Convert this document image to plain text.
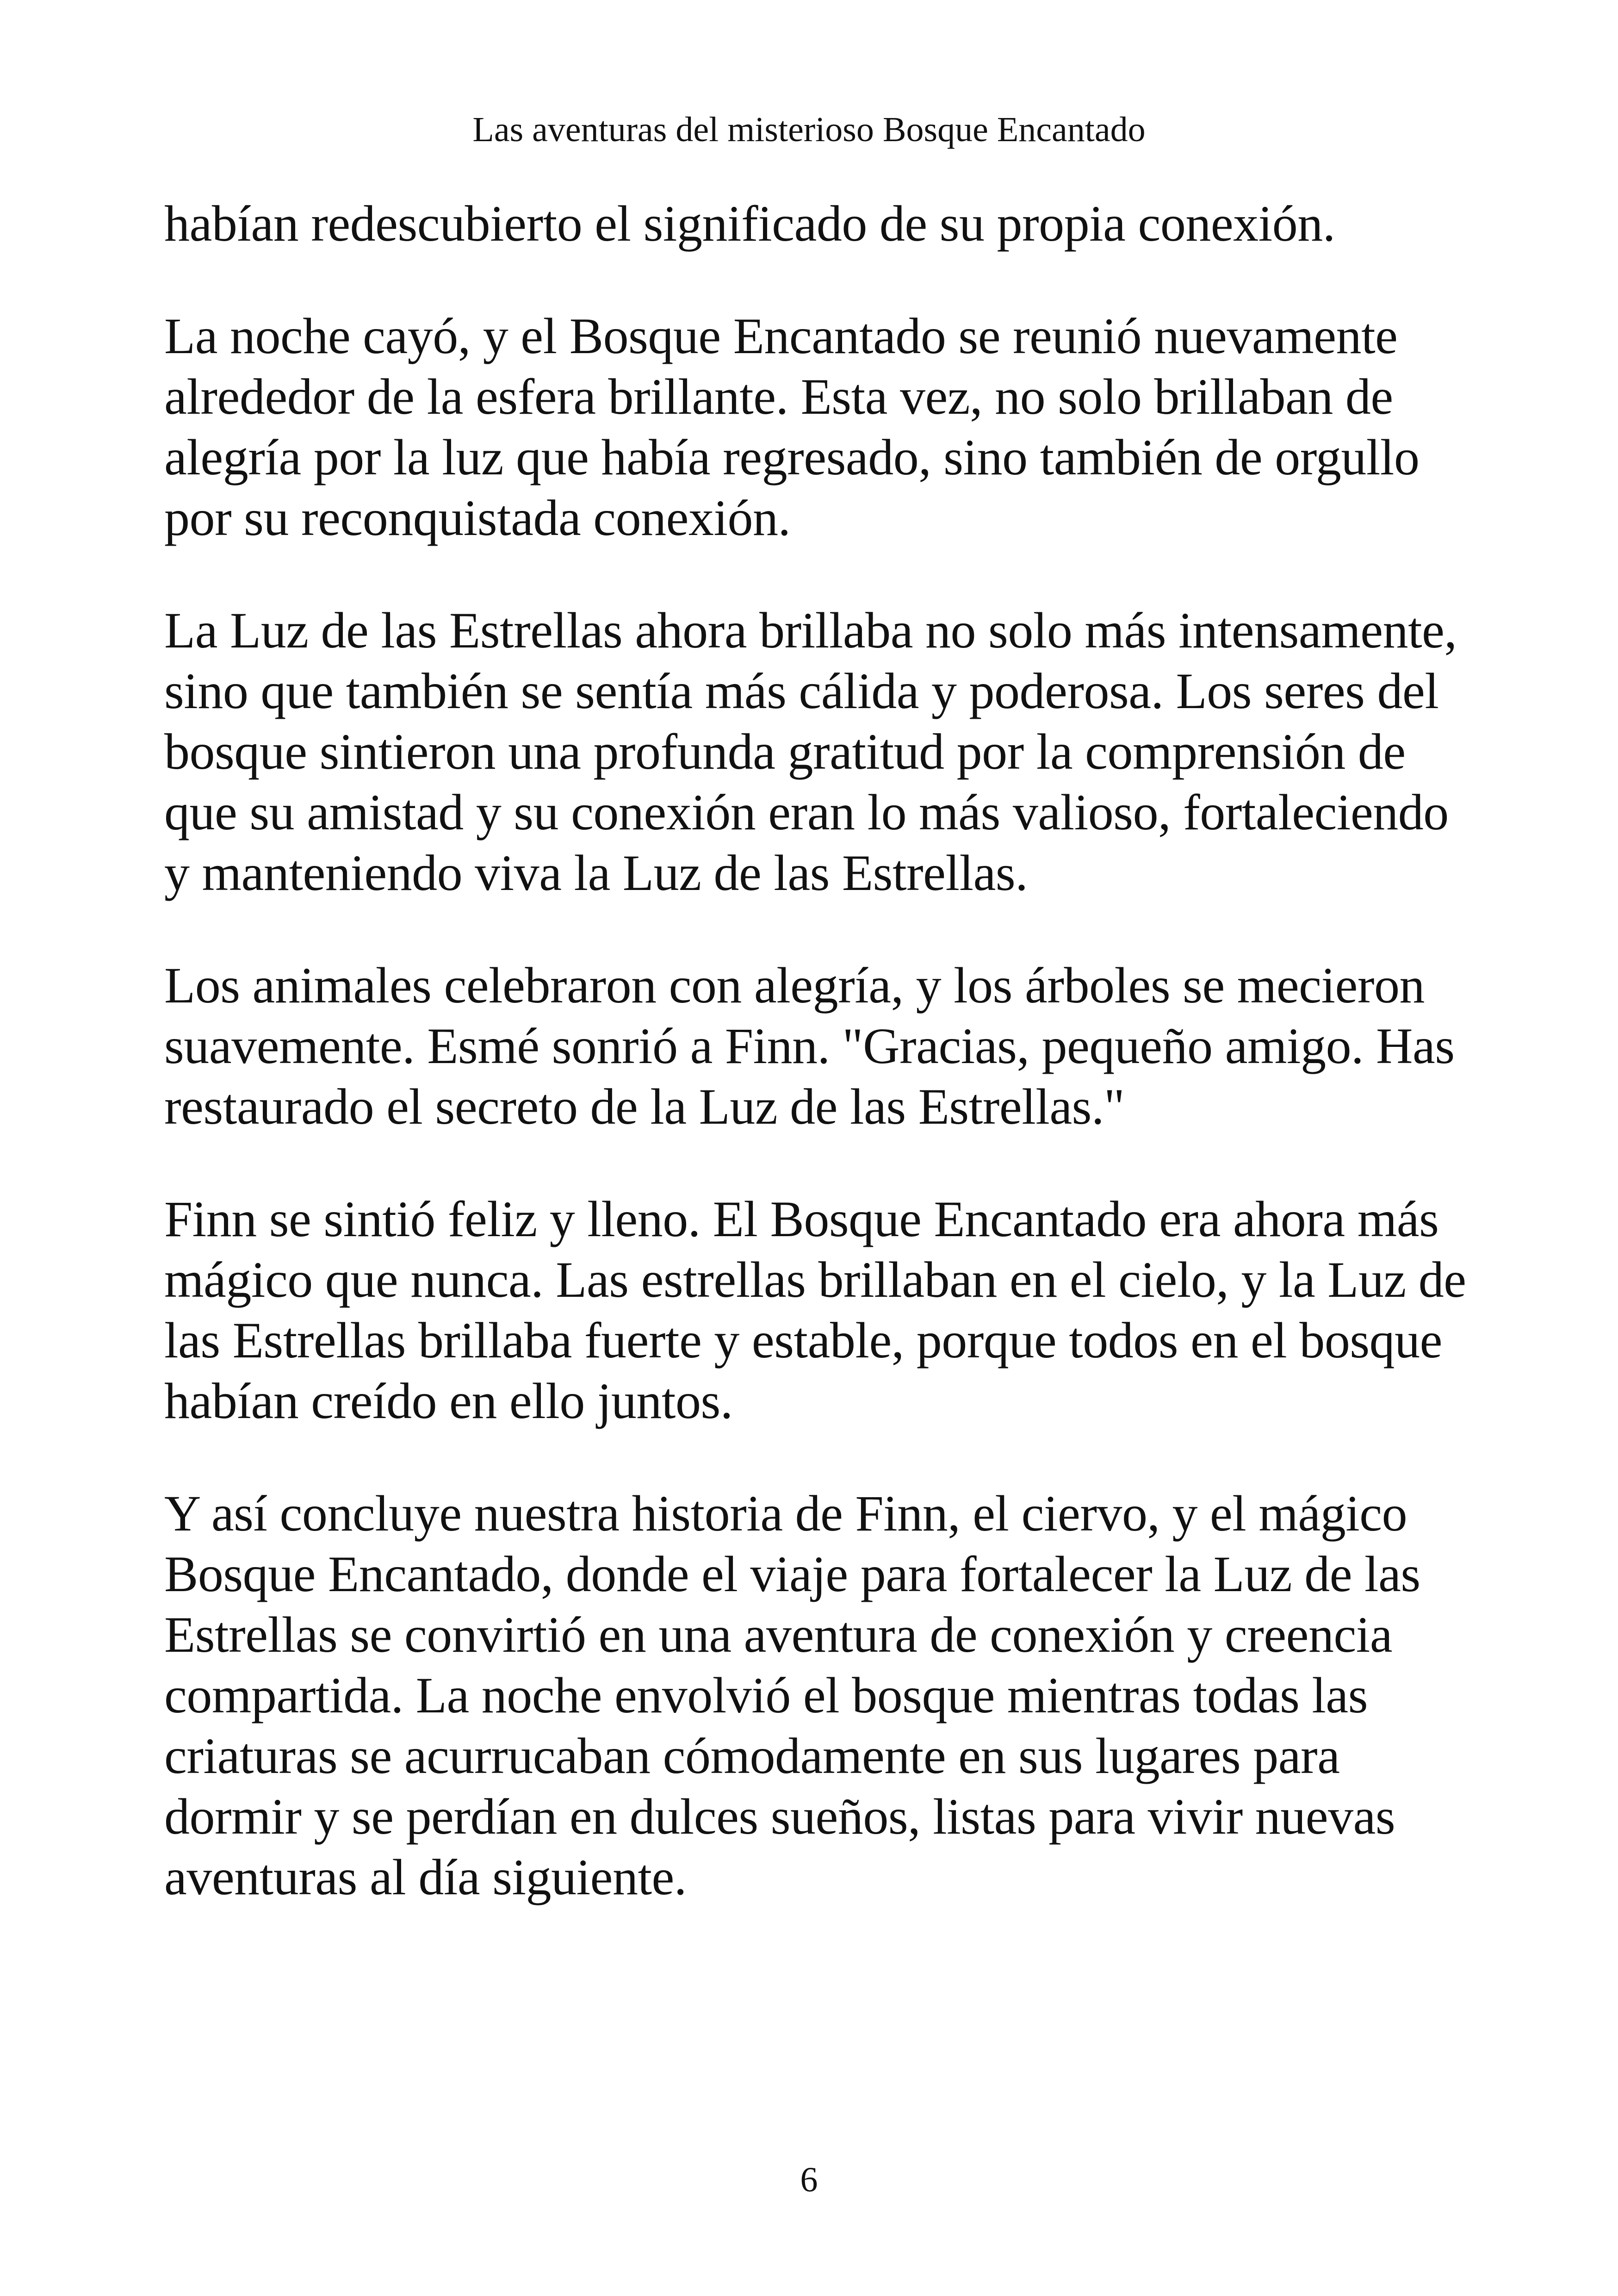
Las aventuras del misterioso Bosque Encantado

habían redescubierto el significado de su propia conexión.

La noche cayó, y el Bosque Encantado se reunió nuevamente alrededor de la esfera brillante. Esta vez, no solo brillaban de alegría por la luz que había regresado, sino también de orgullo por su reconquistada conexión.

La Luz de las Estrellas ahora brillaba no solo más intensamente, sino que también se sentía más cálida y poderosa. Los seres del bosque sintieron una profunda gratitud por la comprensión de que su amistad y su conexión eran lo más valioso, fortaleciendo y manteniendo viva la Luz de las Estrellas.

Los animales celebraron con alegría, y los árboles se mecieron suavemente. Esmé sonrió a Finn. "Gracias, pequeño amigo. Has restaurado el secreto de la Luz de las Estrellas."

Finn se sintió feliz y lleno. El Bosque Encantado era ahora más mágico que nunca. Las estrellas brillaban en el cielo, y la Luz de las Estrellas brillaba fuerte y estable, porque todos en el bosque habían creído en ello juntos.

Y así concluye nuestra historia de Finn, el ciervo, y el mágico Bosque Encantado, donde el viaje para fortalecer la Luz de las Estrellas se convirtió en una aventura de conexión y creencia compartida. La noche envolvió el bosque mientras todas las criaturas se acurrucaban cómodamente en sus lugares para dormir y se perdían en dulces sueños, listas para vivir nuevas aventuras al día siguiente.

6
